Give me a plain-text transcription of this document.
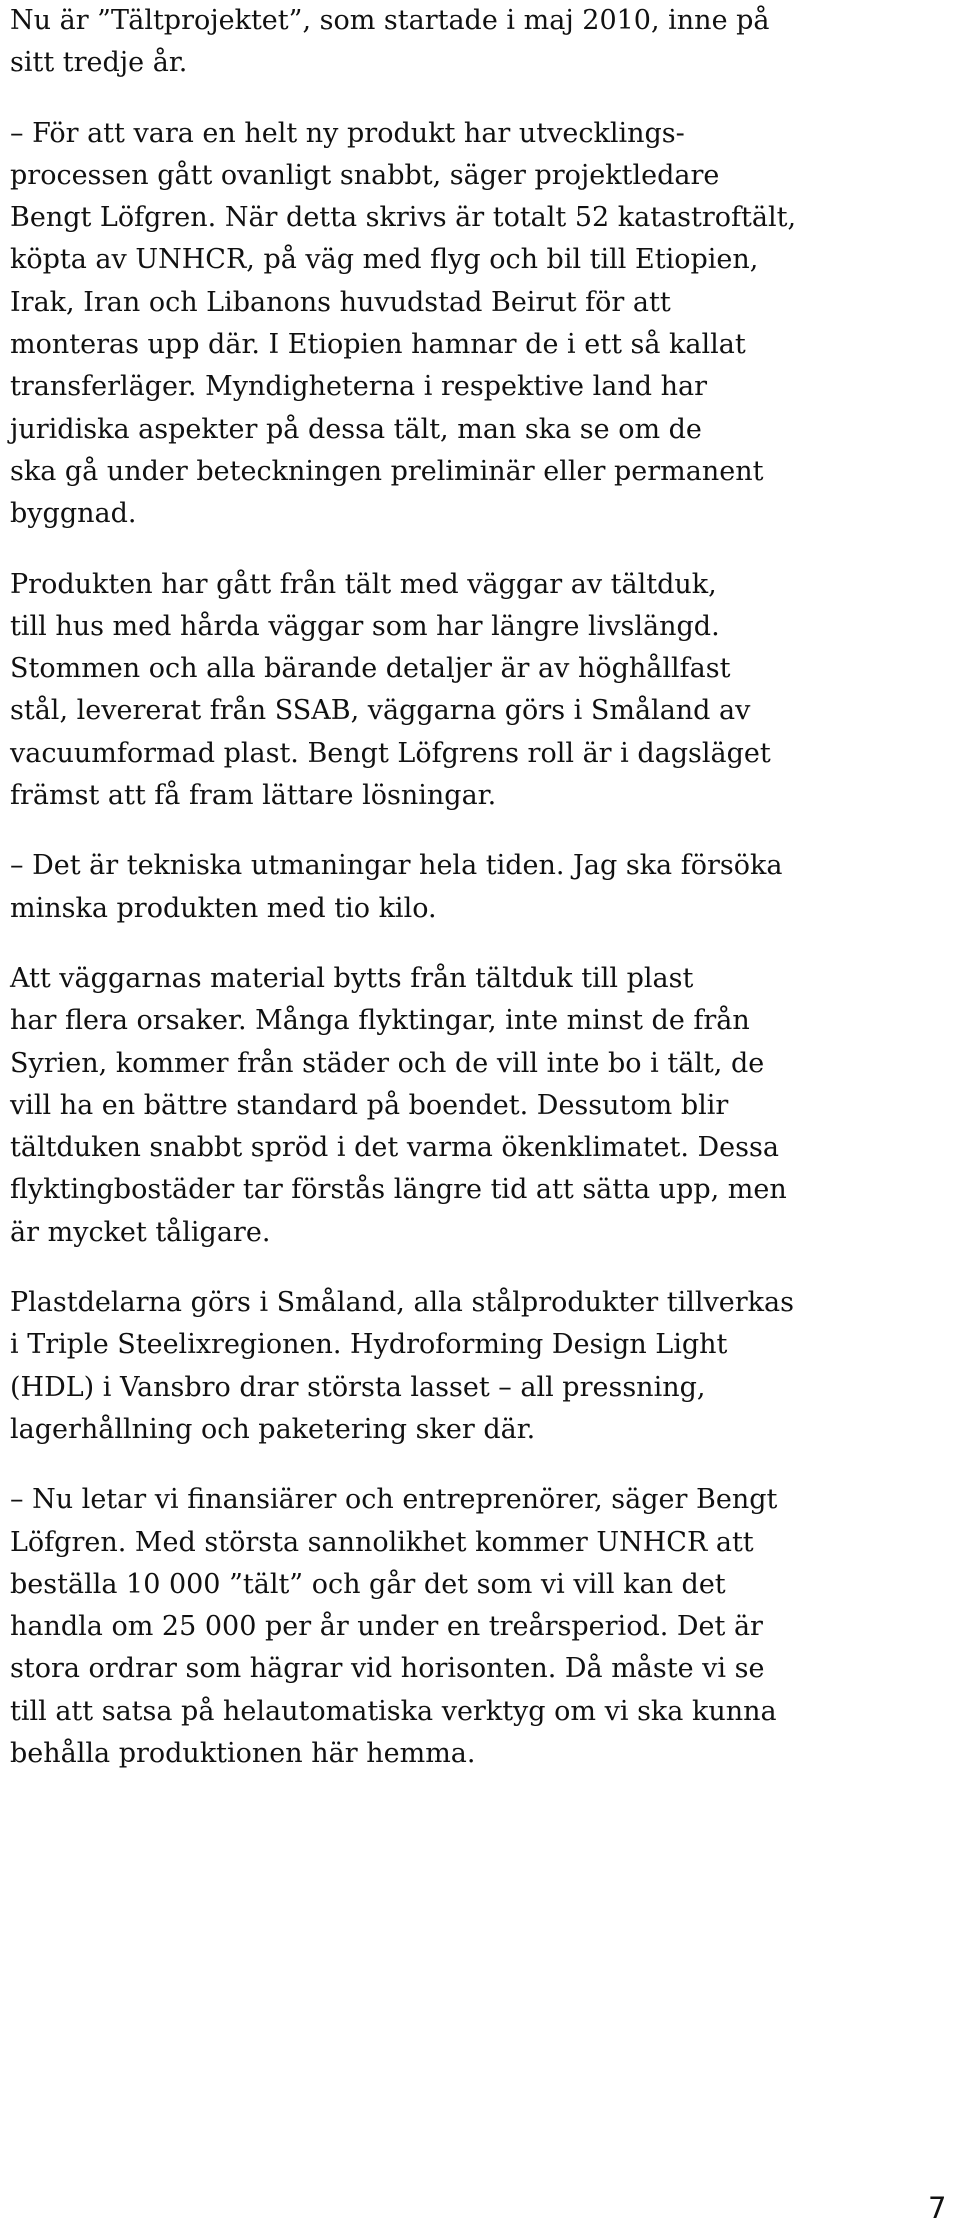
Nu är ”Tältprojektet”, som startade i maj 2010, inne på
sitt tredje år.

– För att vara en helt ny produkt har utvecklings-
processen gått ovanligt snabbt, säger projektledare
Bengt Löfgren. När detta skrivs är totalt 52 katastroftält,
köpta av UNHCR, på väg med flyg och bil till Etiopien,
Irak, Iran och Libanons huvudstad Beirut för att
monteras upp där. I Etiopien hamnar de i ett så kallat
transferläger. Myndigheterna i respektive land har
juridiska aspekter på dessa tält, man ska se om de
ska gå under beteckningen preliminär eller permanent
byggnad.

Produkten har gått från tält med väggar av tältduk,
till hus med hårda väggar som har längre livslängd.
Stommen och alla bärande detaljer är av höghållfast
stål, levererat från SSAB, väggarna görs i Småland av
vacuumformad plast. Bengt Löfgrens roll är i dagsläget
främst att få fram lättare lösningar.

– Det är tekniska utmaningar hela tiden. Jag ska försöka
minska produkten med tio kilo.

Att väggarnas material bytts från tältduk till plast
har flera orsaker. Många flyktingar, inte minst de från
Syrien, kommer från städer och de vill inte bo i tält, de
vill ha en bättre standard på boendet. Dessutom blir
tältduken snabbt spröd i det varma ökenklimatet. Dessa
flyktingbostäder tar förstås längre tid att sätta upp, men
är mycket tåligare.

Plastdelarna görs i Småland, alla stålprodukter tillverkas
i Triple Steelixregionen. Hydroforming Design Light
(HDL) i Vansbro drar största lasset – all pressning,
lagerhållning och paketering sker där.

– Nu letar vi finansiärer och entreprenörer, säger Bengt
Löfgren. Med största sannolikhet kommer UNHCR att
beställa 10 000 ”tält” och går det som vi vill kan det
handla om 25 000 per år under en treårsperiod. Det är
stora ordrar som hägrar vid horisonten. Då måste vi se
till att satsa på helautomatiska verktyg om vi ska kunna
behålla produktionen här hemma.

7
